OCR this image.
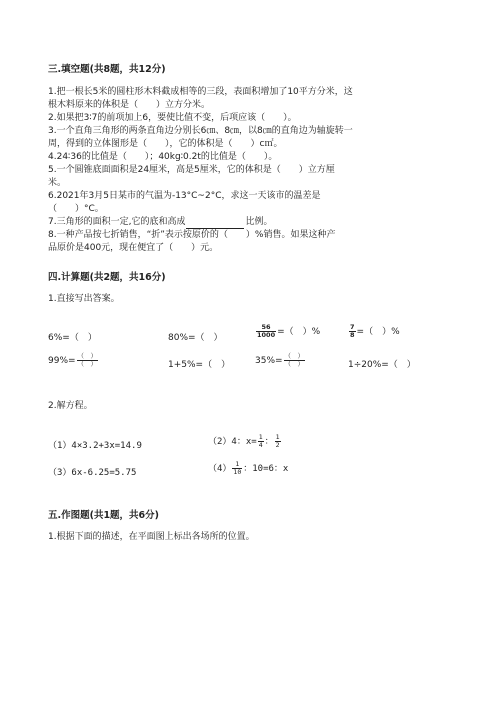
三.填空题(共8题，共12分)
1.把一根长5米的圆柱形木料截成相等的三段，表面积增加了10平方分米，这
根木料原来的体积是（　　）立方分米。
2.如果把3∶7的前项加上6，要使比值不变，后项应该（　　）。
3.一个直角三角形的两条直角边分别长6㎝、8㎝，以8㎝的直角边为轴旋转一
周，得到的立体图形是（　　），它的体积是（　　）c㎡。
4.24∶36的比值是（　　）；40kg∶0.2t的比值是（　　）。
5.一个圆锥底面面积是24厘米，高是5厘米，它的体积是（　　）立方厘
米。
6.2021年3月5日某市的气温为-13°C~2°C，求这一天该市的温差是
（　　）°C。
7.三角形的面积一定,它的底和高成	比例。
8.一种产品按七折销售，“折”表示按原价的（　　）%销售。如果这种产
品原价是400元，现在便宜了（　　）元。
四.计算题(共2题，共16分)
1.直接写出答案。
6%=（　）	80%=（　）	$\frac{56}{1000}$ =（　）%	$\frac{7}{8}$ =（　）%
$99\%= \frac{( )}{( )}$	1+5%=（　）	$35\%= \frac{( )}{( )}$	1÷20%=（　）
2.解方程。
（1）4×3.2+3x=14.9	（2）4：$x= \frac{1}{4}$ ： $\frac{1}{2}$
（3）6x-6.25=5.75	$(4) \frac{1}{10}$ ：10=6：x
五.作图题(共1题，共6分)
1.根据下面的描述，在平面图上标出各场所的位置。
